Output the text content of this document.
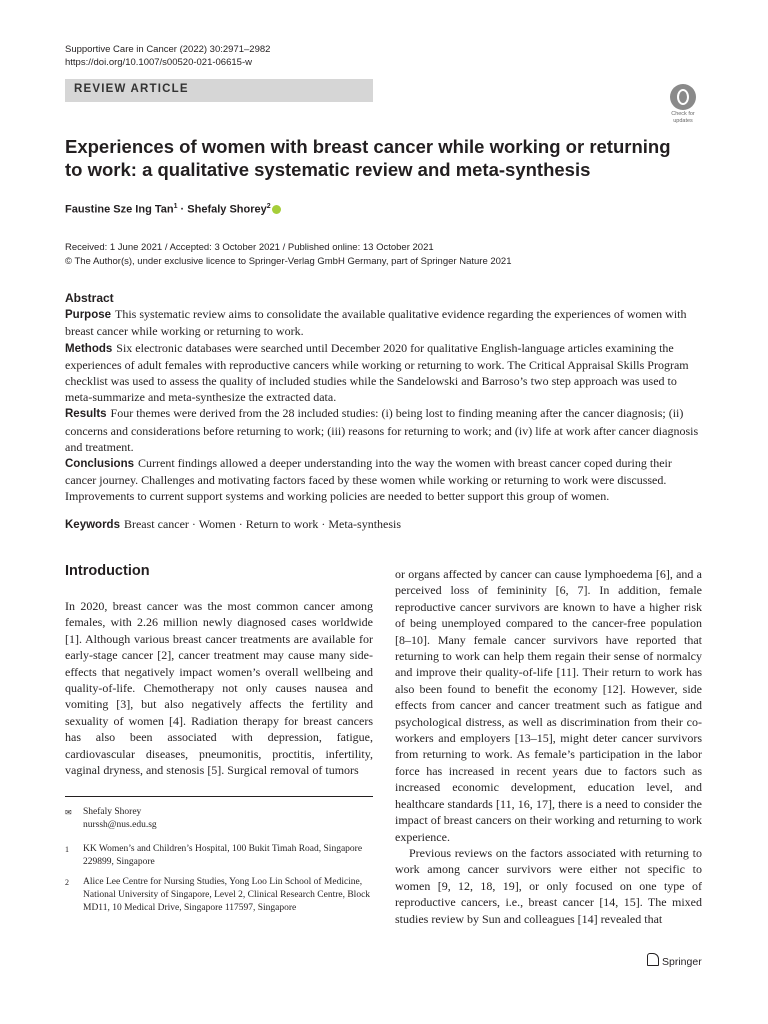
Supportive Care in Cancer (2022) 30:2971–2982
https://doi.org/10.1007/s00520-021-06615-w
REVIEW ARTICLE
Check for
updates
Experiences of women with breast cancer while working or returning to work: a qualitative systematic review and meta-synthesis
Faustine Sze Ing Tan$^1$ · Shefaly Shorey$^2$
Received: 1 June 2021 / Accepted: 3 October 2021 / Published online: 13 October 2021
© The Author(s), under exclusive licence to Springer-Verlag GmbH Germany, part of Springer Nature 2021
Abstract

Purpose This systematic review aims to consolidate the available qualitative evidence regarding the experiences of women with breast cancer while working or returning to work.

Methods Six electronic databases were searched until December 2020 for qualitative English-language articles examining the experiences of adult females with reproductive cancers while working or returning to work. The Critical Appraisal Skills Program checklist was used to assess the quality of included studies while the Sandelowski and Barroso’s two step approach was used to meta-summarize and meta-synthesize the extracted data.

Results Four themes were derived from the 28 included studies: (i) being lost to finding meaning after the cancer diagnosis; (ii) concerns and considerations before returning to work; (iii) reasons for returning to work; and (iv) life at work after cancer diagnosis and treatment.

Conclusions Current findings allowed a deeper understanding into the way the women with breast cancer coped during their cancer journey. Challenges and motivating factors faced by these women while working or returning to work were discussed. Improvements to current support systems and working policies are needed to better support this group of women.

Keywords Breast cancer · Women · Return to work · Meta-synthesis
Introduction

In 2020, breast cancer was the most common cancer among females, with 2.26 million newly diagnosed cases worldwide [1]. Although various breast cancer treatments are available for early-stage cancer [2], cancer treatment may cause many side-effects that negatively impact women’s overall wellbeing and quality-of-life. Chemotherapy not only causes nausea and vomiting [3], but also negatively affects the fertility and sexuality of women [4]. Radiation therapy for breast cancers has also been associated with depression, fatigue, cardiovascular diseases, pneumonitis, proctitis, infertility, vaginal dryness, and stenosis [5]. Surgical removal of tumors

or organs affected by cancer can cause lymphoedema [6], and a perceived loss of femininity [6, 7]. In addition, female reproductive cancer survivors are known to have a higher risk of being unemployed compared to the cancer-free population [8–10]. Many female cancer survivors have reported that returning to work can help them regain their sense of normalcy and improve their quality-of-life [11]. Their return to work has also been found to benefit the economy [12]. However, side effects from cancer and cancer treatment such as fatigue and psychological distress, as well as discrimination from their co-workers and employers [13–15], might deter cancer survivors from returning to work. As female’s participation in the labor force has increased in recent years due to factors such as increased economic development, education level, and healthcare standards [11, 16, 17], there is a need to consider the impact of breast cancers on their working and returning to work experience.

Previous reviews on the factors associated with returning to work among cancer survivors were either not specific to women [9, 12, 18, 19], or only focused on one type of reproductive cancers, i.e., breast cancer [14, 15]. The mixed studies review by Sun and colleagues [14] revealed that

✉ Shefaly Shorey
nurssh@nus.edu.sg
1 KK Women’s and Children’s Hospital, 100 Bukit Timah Road, Singapore 229899, Singapore
2 Alice Lee Centre for Nursing Studies, Yong Loo Lin School of Medicine, National University of Singapore, Level 2, Clinical Research Centre, Block MD11, 10 Medical Drive, Singapore 117597, Singapore
Springer
